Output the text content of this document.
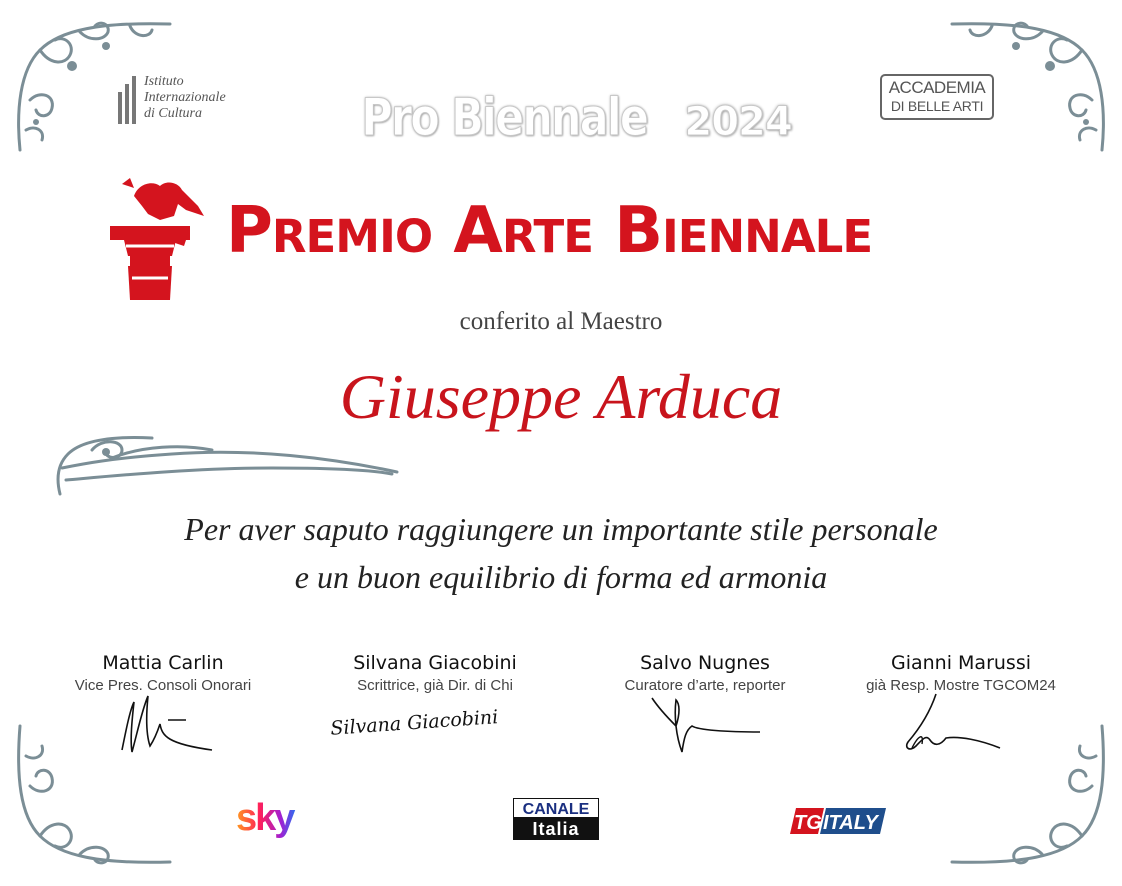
Istituto
Internazionale
di Cultura
ACCADEMIA
DI BELLE ARTI
Pro Biennale 2024
Premio Arte Biennale
conferito al Maestro
Giuseppe Arduca
Per aver saputo raggiungere un importante stile personale
e un buon equilibrio di forma ed armonia
Mattia Carlin
Vice Pres. Consoli Onorari
Silvana Giacobini
Scrittrice, già Dir. di Chi
Silvana Giacobini
Salvo Nugnes
Curatore d’arte, reporter
Gianni Marussi
già Resp. Mostre TGCOM24
sky	CANALE
Italia	TG ITALY
